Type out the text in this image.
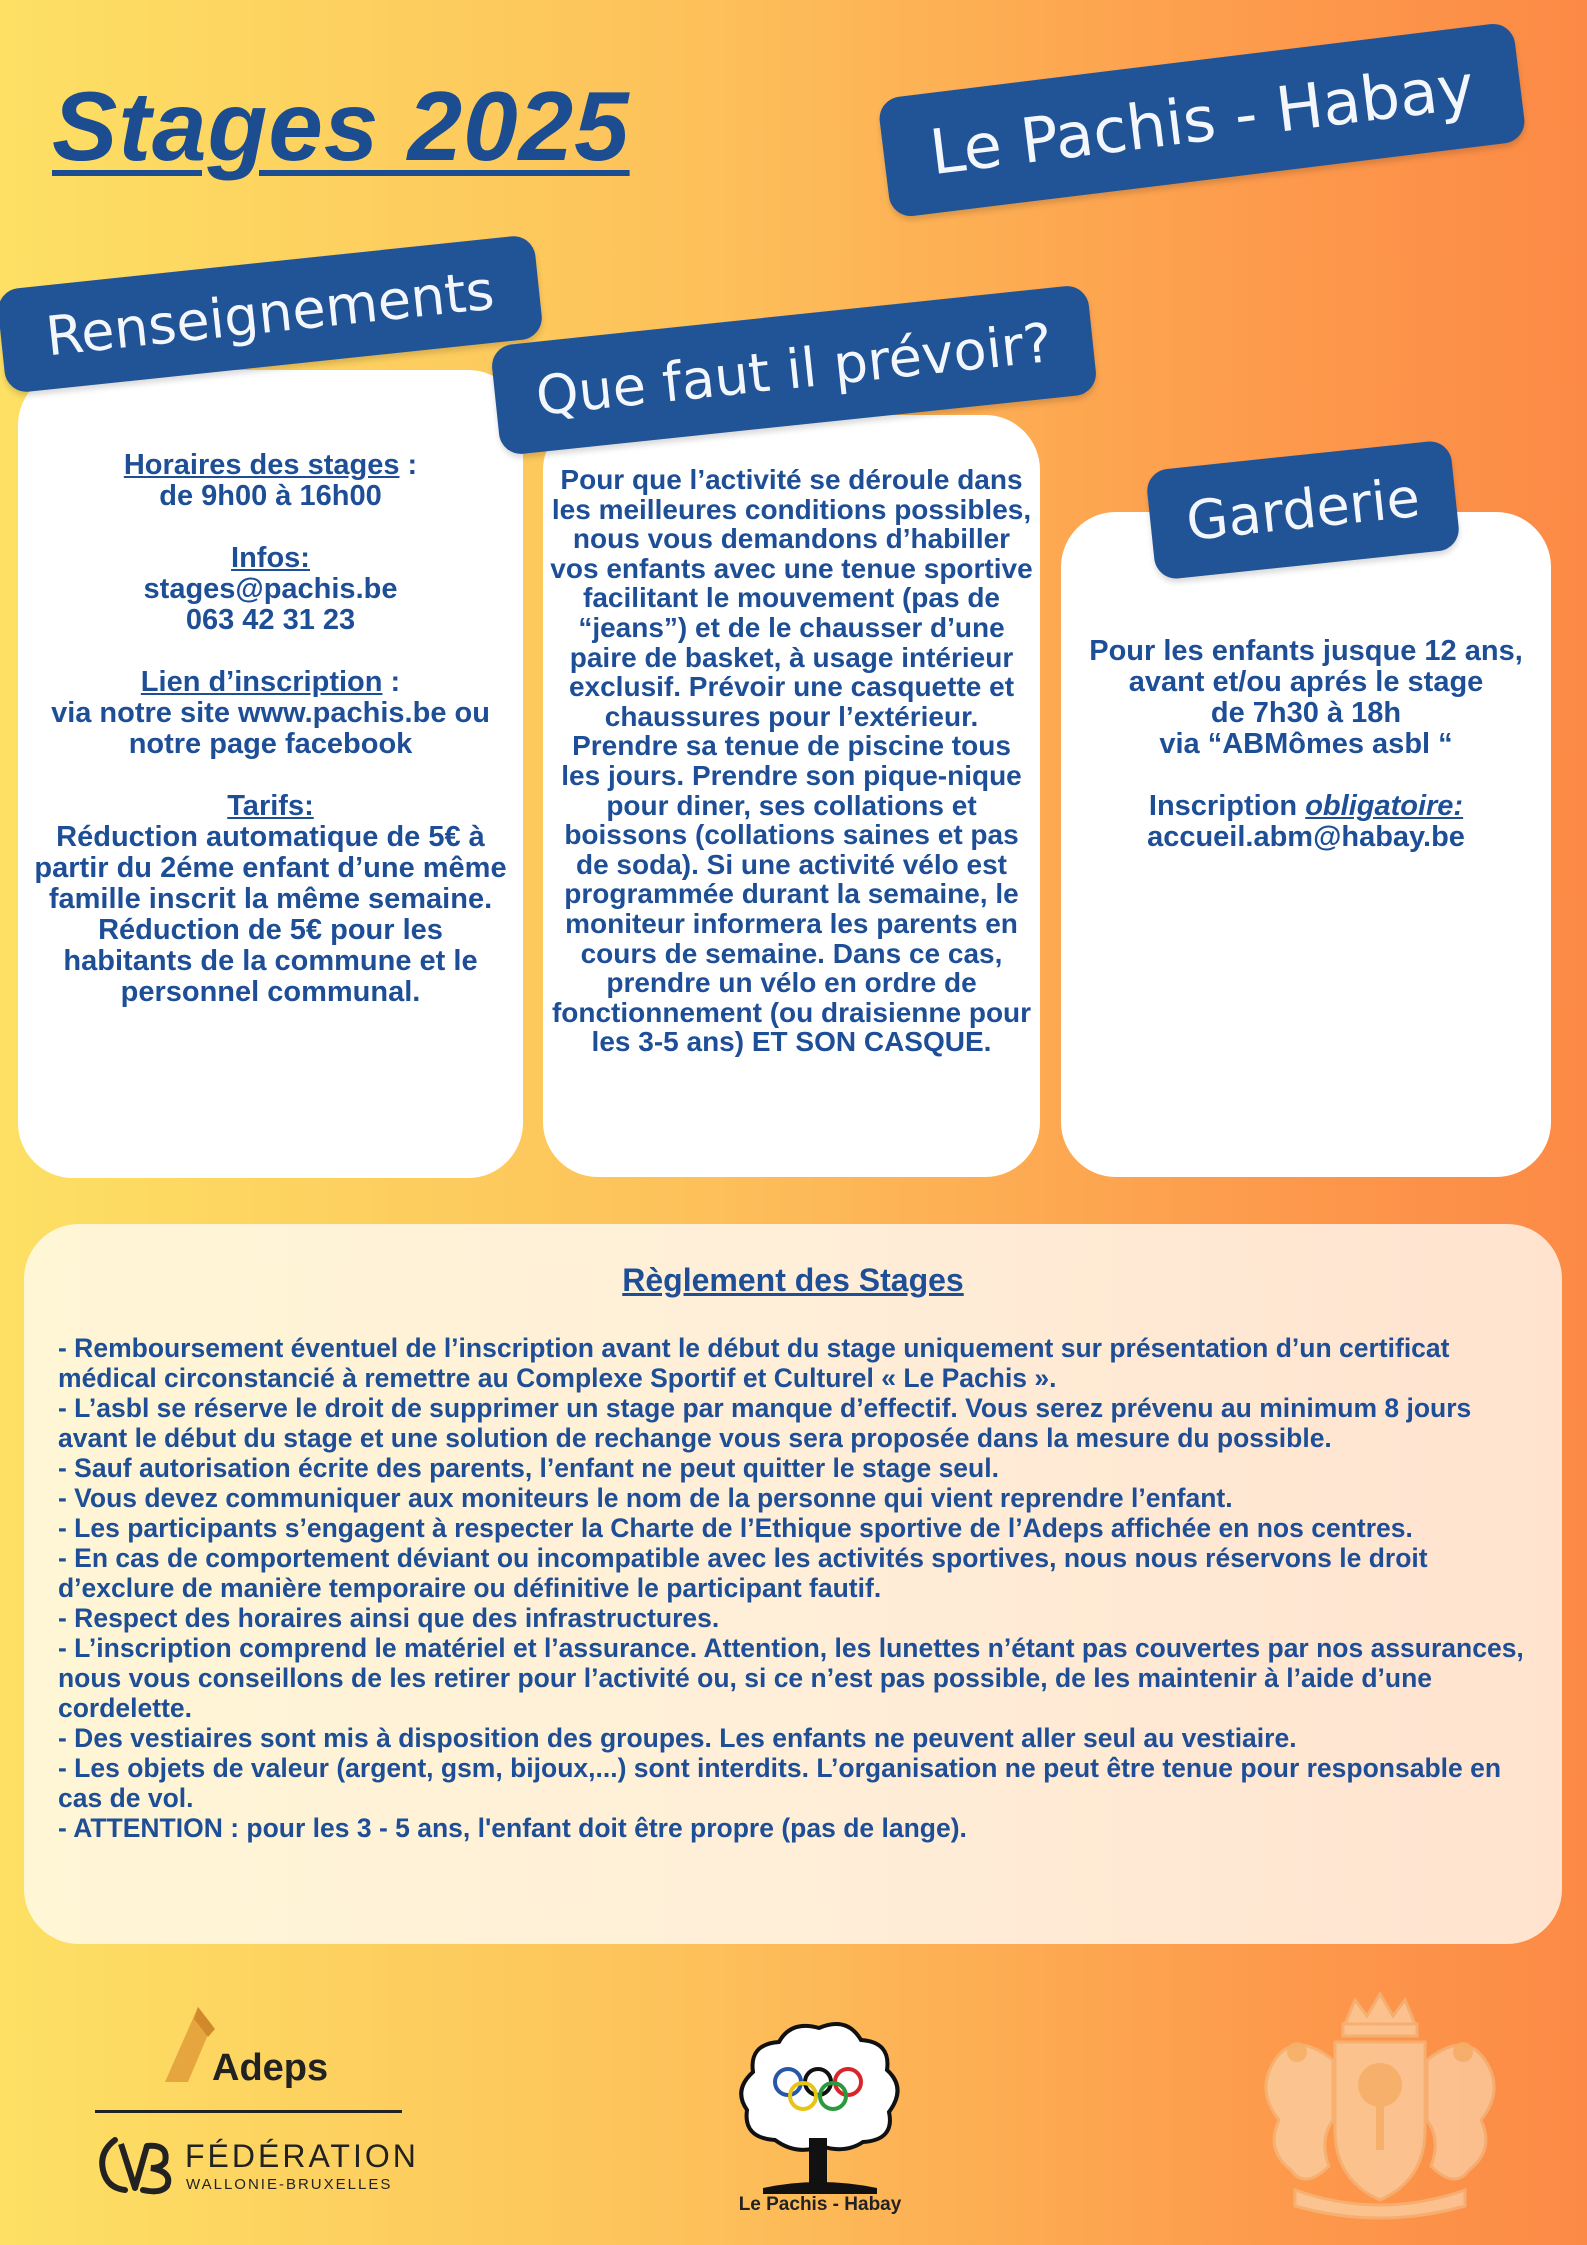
Stages 2025	Le Pachis - Habay

Horaires des stages :
de 9h00 à 16h00

Infos:
stages@pachis.be
063 42 31 23

Lien d’inscription :
via notre site www.pachis.be ou notre page facebook

Tarifs:
Réduction automatique de 5€ à partir du 2éme enfant d’une même famille inscrit la même semaine. Réduction de 5€ pour les habitants de la commune et le personnel communal.

Renseignements
Pour que l’activité se déroule dans les meilleures conditions possibles, nous vous demandons d’habiller vos enfants avec une tenue sportive facilitant le mouvement (pas de “jeans”) et de le chausser d’une paire de basket, à usage intérieur exclusif. Prévoir une casquette et chaussures pour l’extérieur. Prendre sa tenue de piscine tous les jours. Prendre son pique-nique pour diner, ses collations et boissons (collations saines et pas de soda). Si une activité vélo est programmée durant la semaine, le moniteur informera les parents en cours de semaine. Dans ce cas, prendre un vélo en ordre de fonctionnement (ou draisienne pour les 3-5 ans) ET SON CASQUE.
Que faut il prévoir?
Pour les enfants jusque 12 ans,
avant et/ou aprés le stage
de 7h30 à 18h
via “ABMômes asbl “
Inscription obligatoire:
accueil.abm@habay.be
Garderie
Règlement des Stages
- Remboursement éventuel de l’inscription avant le début du stage uniquement sur présentation d’un certificat médical circonstancié à remettre au Complexe Sportif et Culturel « Le Pachis ».
- L’asbl se réserve le droit de supprimer un stage par manque d’effectif. Vous serez prévenu au minimum 8 jours avant le début du stage et une solution de rechange vous sera proposée dans la mesure du possible.
- Sauf autorisation écrite des parents, l’enfant ne peut quitter le stage seul.
- Vous devez communiquer aux moniteurs le nom de la personne qui vient reprendre l’enfant.
- Les participants s’engagent à respecter la Charte de l’Ethique sportive de l’Adeps affichée en nos centres.
- En cas de comportement déviant ou incompatible avec les activités sportives, nous nous réservons le droit d’exclure de manière temporaire ou définitive le participant fautif.
- Respect des horaires ainsi que des infrastructures.
- L’inscription comprend le matériel et l’assurance. Attention, les lunettes n’étant pas couvertes par nos assurances, nous vous conseillons de les retirer pour l’activité ou, si ce n’est pas possible, de les maintenir à l’aide d’une cordelette.
- Des vestiaires sont mis à disposition des groupes. Les enfants ne peuvent aller seul au vestiaire.
- Les objets de valeur (argent, gsm, bijoux,...) sont interdits. L’organisation ne peut être tenue pour responsable en cas de vol.
- ATTENTION : pour les 3 - 5 ans, l'enfant doit être propre (pas de lange).
Adeps
FÉDÉRATION
WALLONIE-BRUXELLES
Le Pachis - Habay
